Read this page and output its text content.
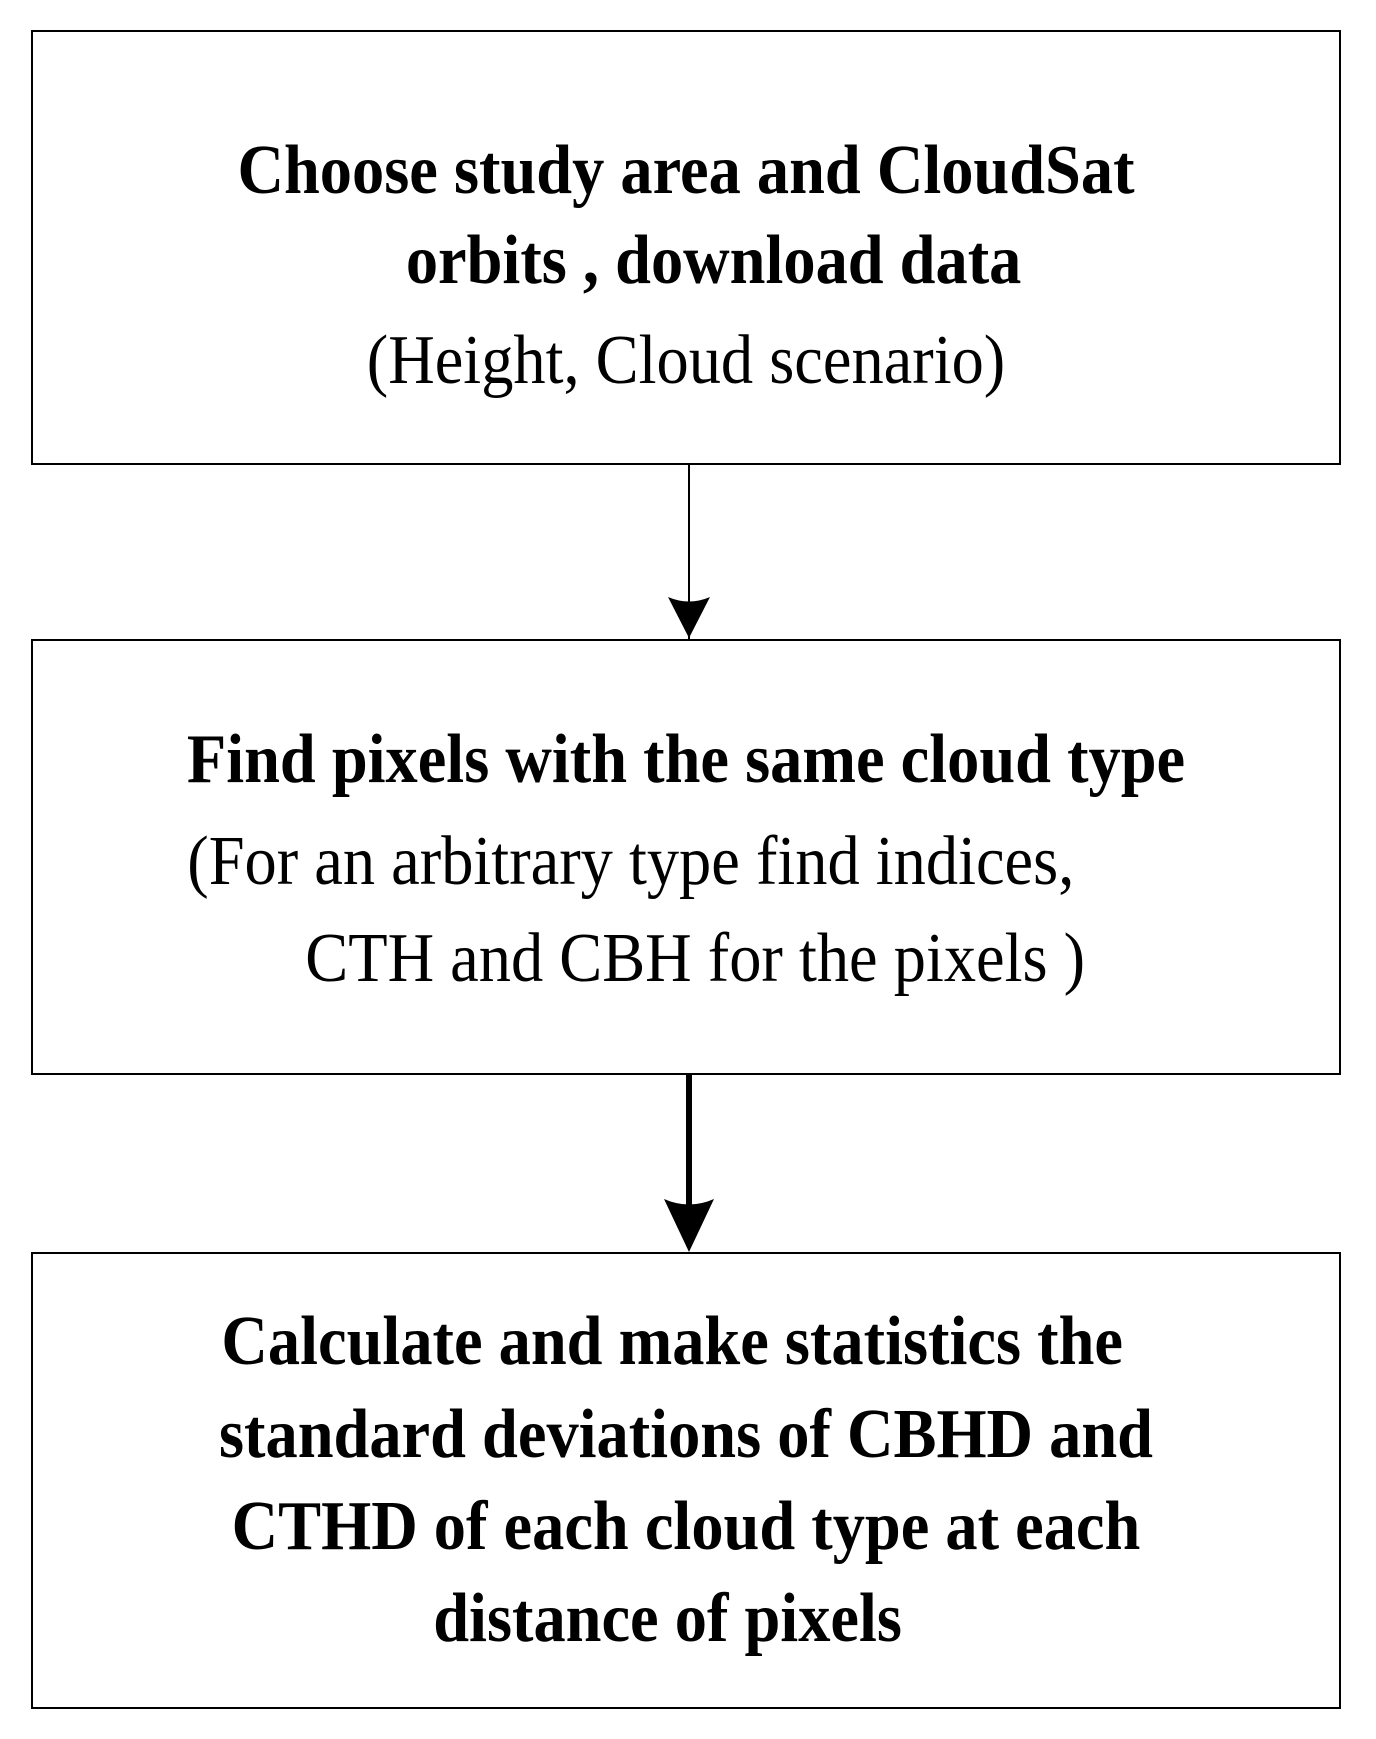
Choose study area and CloudSat
orbits , download data
(Height, Cloud scenario)
Find pixels with the same cloud type
(For an arbitrary type find indices,
CTH and CBH for the pixels )
Calculate and make statistics the
standard deviations of CBHD and
CTHD of each cloud type at each
distance of pixels
